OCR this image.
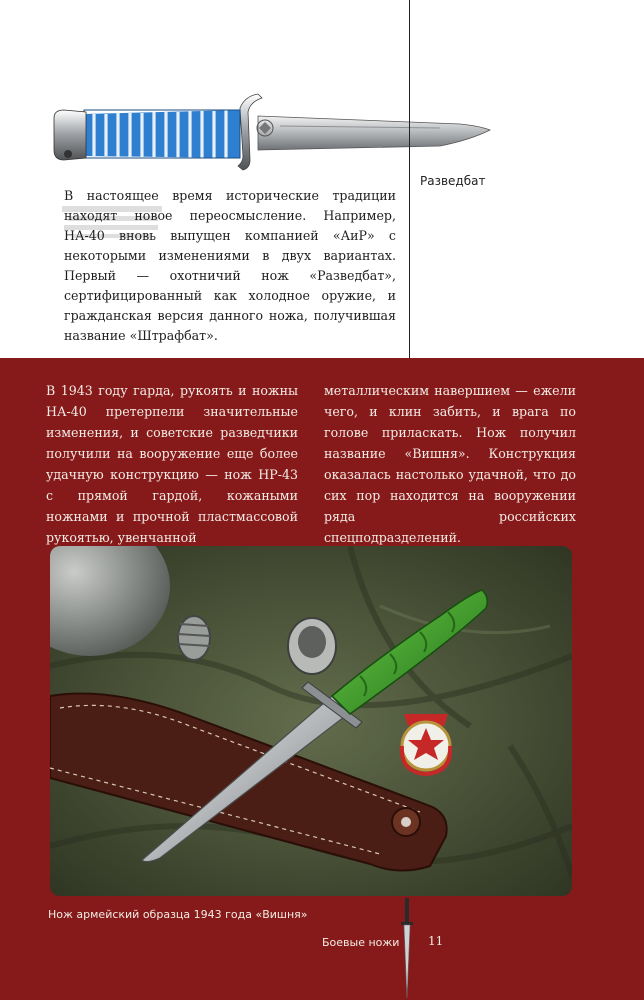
В настоящее время исторические традиции находят новое переосмысление. Например, НА-40 вновь выпущен компанией «АиР» с некоторыми изменениями в двух вариантах. Первый — охотничий нож «Разведбат», сертифицированный как холодное оружие, и гражданская версия данного ножа, получившая название «Штрафбат».

Разведбат

В 1943 году гарда, рукоять и ножны НА-40 претерпели значительные изменения, и советские разведчики получили на вооружение еще более удачную конструкцию — нож НР-43 с прямой гардой, кожаными ножнами и прочной пластмассовой рукоятью, увенчанной

металлическим навершием — ежели чего, и клин забить, и врага по голове приласкать. Нож получил название «Вишня». Конструкция оказалась настолько удачной, что до сих пор находится на вооружении ряда российских спецподразделений.

Нож армейский образца 1943 года «Вишня»
Боевые ножи 11
